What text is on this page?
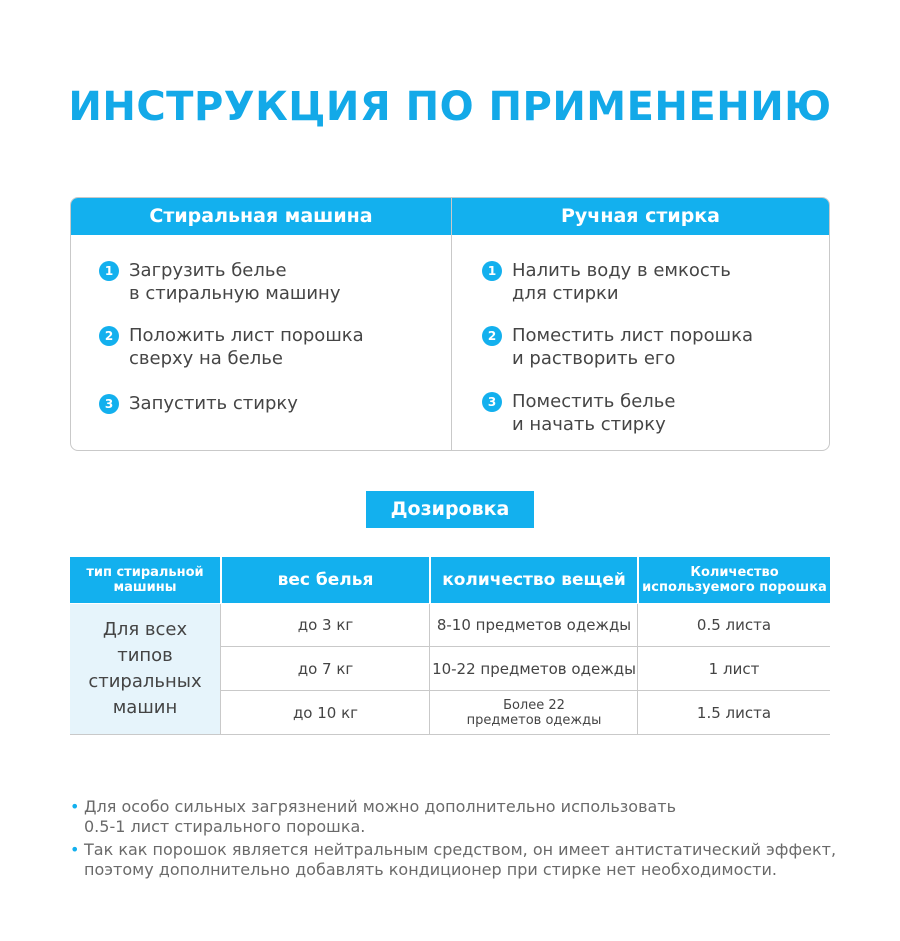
ИНСТРУКЦИЯ ПО ПРИМЕНЕНИЮ
Стиральная машина
1 Загрузить белье
в стиральную машину
2 Положить лист порошка
сверху на белье
3 Запустить стирку
Ручная стирка
1 Налить воду в емкость
для стирки
2 Поместить лист порошка
и растворить его
3 Поместить белье
и начать стирку
Дозировка
тип стиральной
машины	вес белья	количество вещей	Количество
используемого порошка
Для всех
типов
стиральных
машин
до 3 кг	8-10 предметов одежды	0.5 листа
до 7 кг	10-22 предметов одежды	1 лист
до 10 кг	Более 22
предметов одежды	1.5 листа
• Для особо сильных загрязнений можно дополнительно использовать
0.5-1 лист стирального порошка.
• Так как порошок является нейтральным средством, он имеет антистатический эффект,
поэтому дополнительно добавлять кондиционер при стирке нет необходимости.
